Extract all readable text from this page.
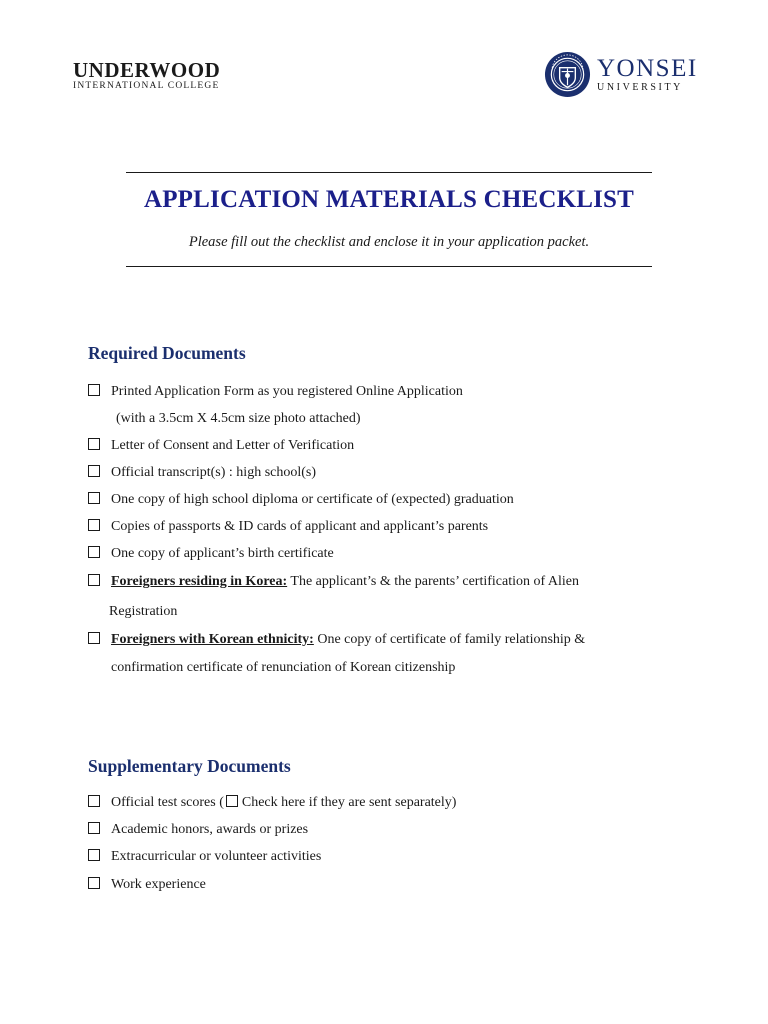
UNDERWOOD
INTERNATIONAL COLLEGE
YONSEI
UNIVERSITY
APPLICATION MATERIALS CHECKLIST
Please fill out the checklist and enclose it in your application packet.
Required Documents
Printed Application Form as you registered Online Application
(with a 3.5cm X 4.5cm size photo attached)
Letter of Consent and Letter of Verification
Official transcript(s) : high school(s)
One copy of high school diploma or certificate of (expected) graduation
Copies of passports & ID cards of applicant and applicant’s parents
One copy of applicant’s birth certificate
Foreigners residing in Korea: The applicant’s & the parents’ certification of Alien
Registration
Foreigners with Korean ethnicity: One copy of certificate of family relationship &
confirmation certificate of renunciation of Korean citizenship
Supplementary Documents
Official test scores ( Check here if they are sent separately)
Academic honors, awards or prizes
Extracurricular or volunteer activities
Work experience
